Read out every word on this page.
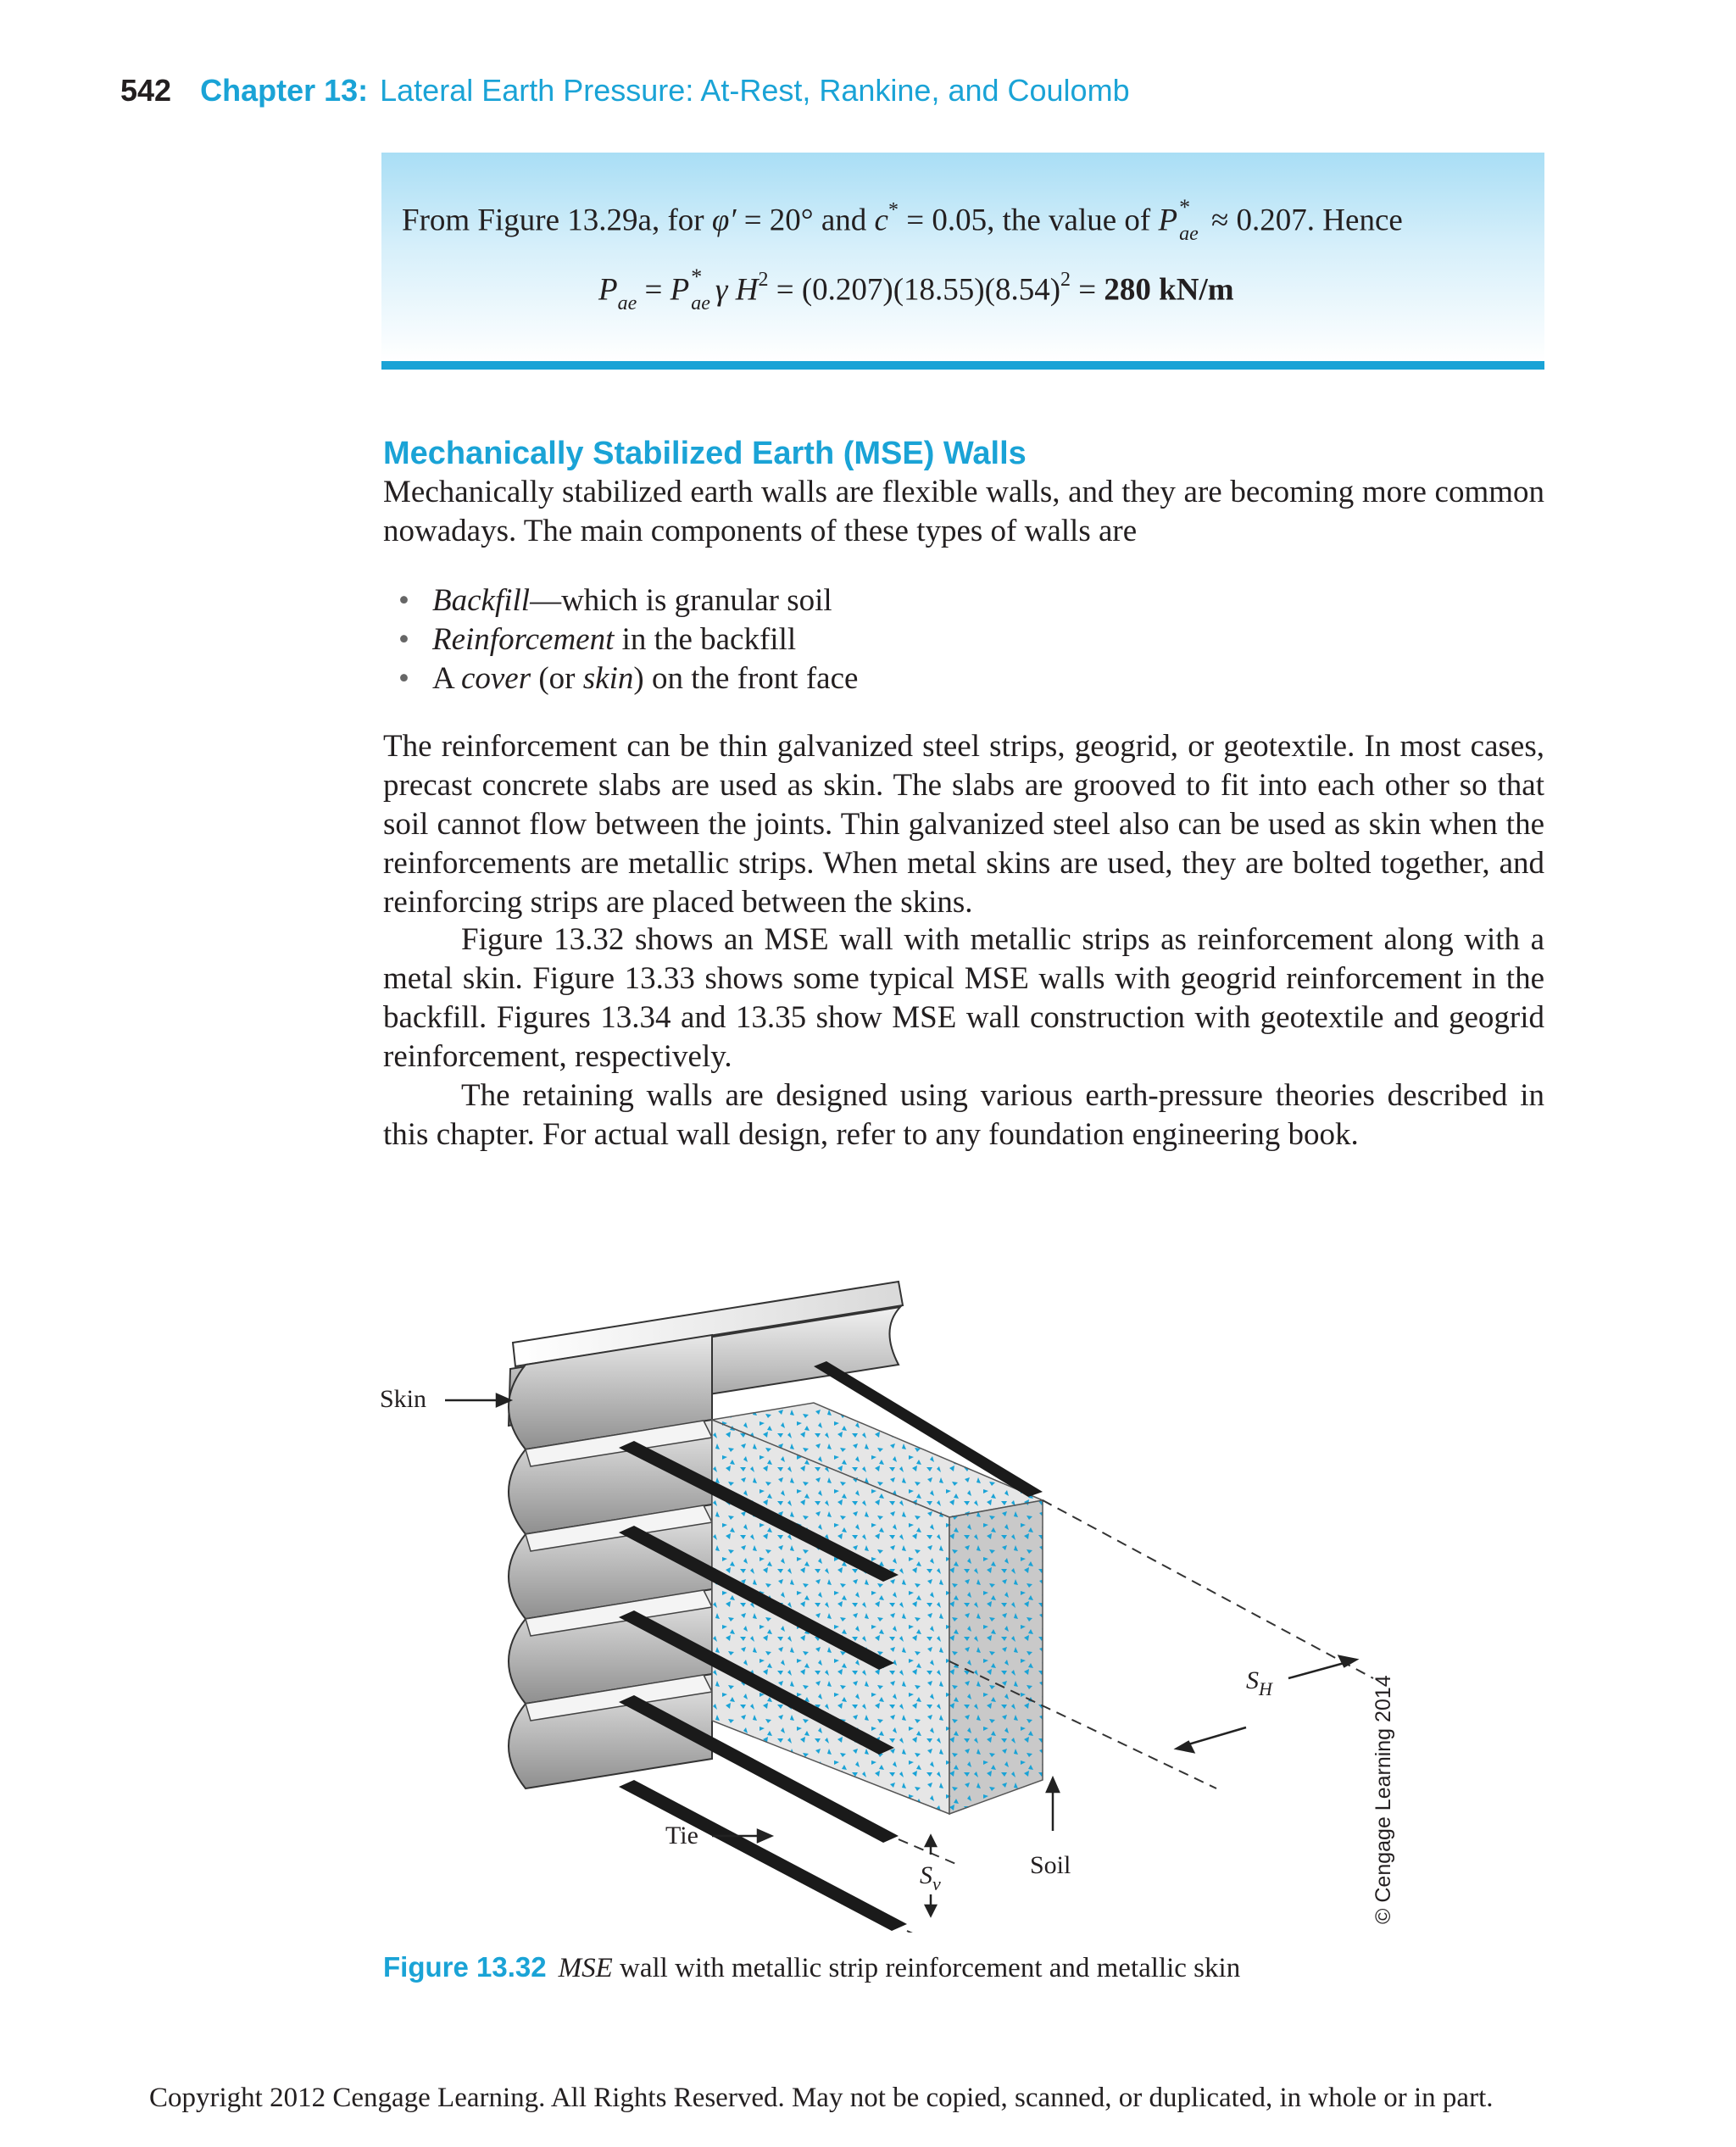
542 Chapter 13: Lateral Earth Pressure: At-Rest, Rankine, and Coulomb
From Figure 13.29a, for φ′ = 20° and c* = 0.05, the value of P *
ae ≈ 0.207. Hence
$P_{ae} = P$ *
ae γ $H^2 = (0.207)(18.55)(8.54)^2 = 280$ kN/m
Mechanically Stabilized Earth (MSE) Walls

Mechanically stabilized earth walls are flexible walls, and they are becoming more common nowadays. The main components of these types of walls are

• Backfill—which is granular soil
• Reinforcement in the backfill
• A cover (or skin) on the front face

The reinforcement can be thin galvanized steel strips, geogrid, or geotextile. In most cases, precast concrete slabs are used as skin. The slabs are grooved to fit into each other so that soil cannot flow between the joints. Thin galvanized steel also can be used as skin when the reinforcements are metallic strips. When metal skins are used, they are bolted together, and reinforcing strips are placed between the skins.

Figure 13.32 shows an MSE wall with metallic strips as reinforcement along with a metal skin. Figure 13.33 shows some typical MSE walls with geogrid reinforcement in the backfill. Figures 13.34 and 13.35 show MSE wall construction with geotextile and geogrid reinforcement, respectively.

The retaining walls are designed using various earth-pressure theories described in this chapter. For actual wall design, refer to any foundation engineering book.

$S_H$
$S_v$
Skin
Tie
Soil	© Cengage Learning 2014
Figure 13.32 MSE wall with metallic strip reinforcement and metallic skin
Copyright 2012 Cengage Learning. All Rights Reserved. May not be copied, scanned, or duplicated, in whole or in part.
